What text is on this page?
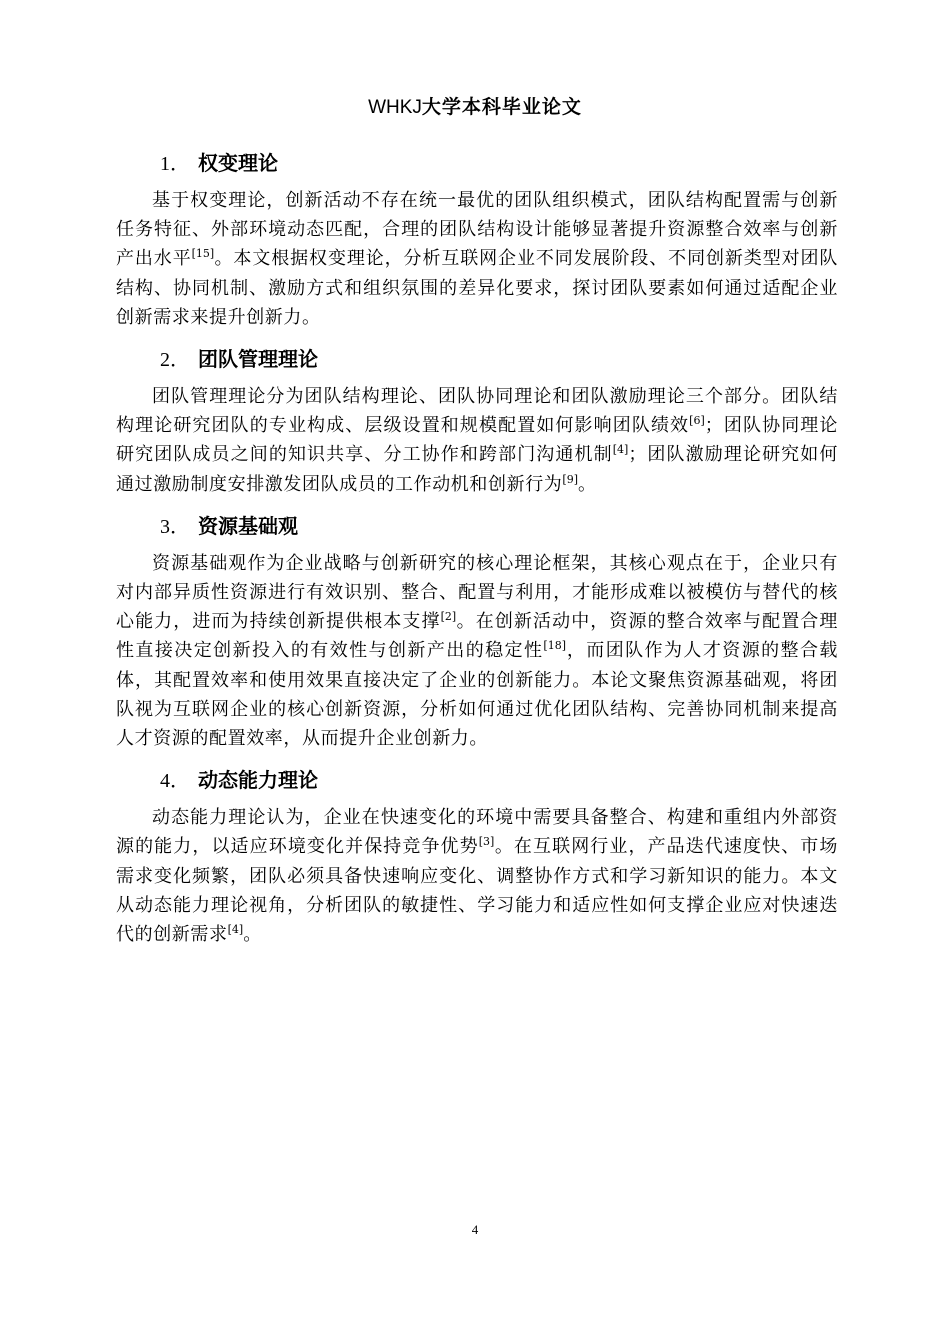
WHKJ大学本科毕业论文
1． 权变理论

基于权变理论，创新活动不存在统一最优的团队组织模式，团队结构配置需与创新任务特征、外部环境动态匹配，合理的团队结构设计能够显著提升资源整合效率与创新产出水平[15]。本文根据权变理论，分析互联网企业不同发展阶段、不同创新类型对团队结构、协同机制、激励方式和组织氛围的差异化要求，探讨团队要素如何通过适配企业创新需求来提升创新力。

2． 团队管理理论

团队管理理论分为团队结构理论、团队协同理论和团队激励理论三个部分。团队结构理论研究团队的专业构成、层级设置和规模配置如何影响团队绩效[6]；团队协同理论研究团队成员之间的知识共享、分工协作和跨部门沟通机制[4]；团队激励理论研究如何通过激励制度安排激发团队成员的工作动机和创新行为[9]。

3． 资源基础观

资源基础观作为企业战略与创新研究的核心理论框架，其核心观点在于，企业只有对内部异质性资源进行有效识别、整合、配置与利用，才能形成难以被模仿与替代的核心能力，进而为持续创新提供根本支撑[2]。在创新活动中，资源的整合效率与配置合理性直接决定创新投入的有效性与创新产出的稳定性[18]，而团队作为人才资源的整合载体，其配置效率和使用效果直接决定了企业的创新能力。本论文聚焦资源基础观，将团队视为互联网企业的核心创新资源，分析如何通过优化团队结构、完善协同机制来提高人才资源的配置效率，从而提升企业创新力。

4． 动态能力理论

动态能力理论认为，企业在快速变化的环境中需要具备整合、构建和重组内外部资源的能力，以适应环境变化并保持竞争优势[3]。在互联网行业，产品迭代速度快、市场需求变化频繁，团队必须具备快速响应变化、调整协作方式和学习新知识的能力。本文从动态能力理论视角，分析团队的敏捷性、学习能力和适应性如何支撑企业应对快速迭代的创新需求[4]。

4
